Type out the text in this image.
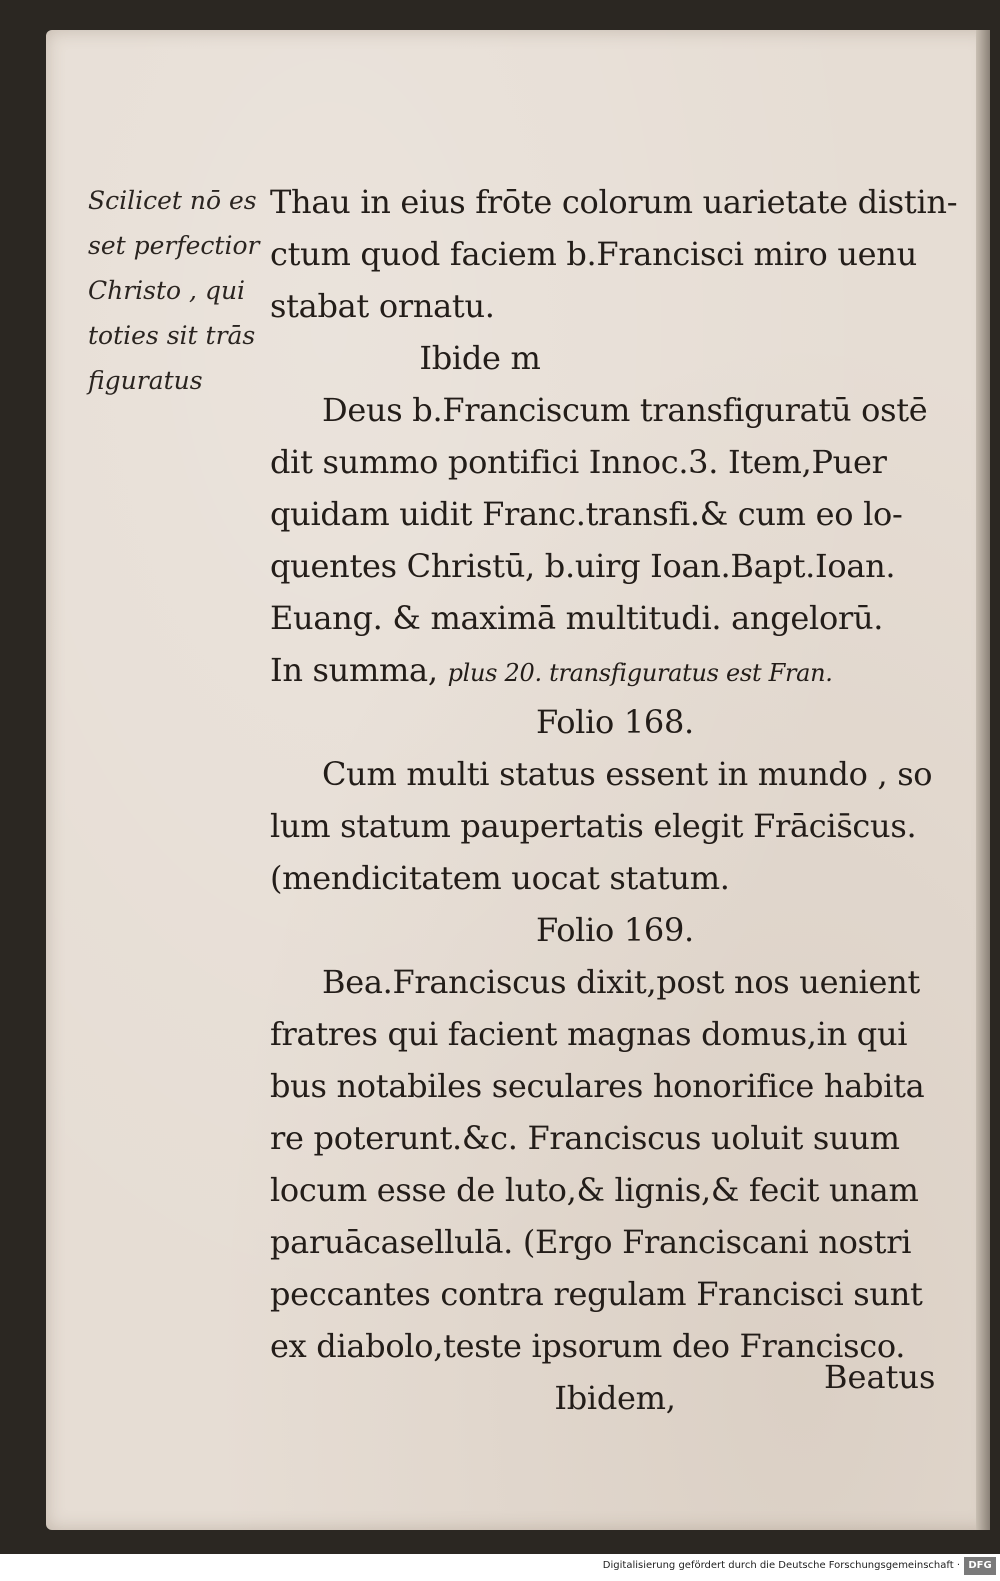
Scilicet nō es
set perfectior
Christo , qui
toties sit trās
figuratus
Thau in eius frōte colorum uarietate distin-
ctum quod faciem b.Francisci miro uenu
stabat ornatu.
Ibide m
Deus b.Franciscum transfiguratū ostē
dit summo pontifici Innoc.3. Item,Puer
quidam uidit Franc.transfi.& cum eo lo-
quentes Christū, b.uirg Ioan.Bapt.Ioan.
Euang. & maximā multitudi. angelorū.
In summa, plus 20. transfiguratus est Fran.
Folio 168.
Cum multi status essent in mundo , so
lum statum paupertatis elegit Frācis̄cus.
(mendicitatem uocat statum.
Folio 169.
Bea.Franciscus dixit,post nos uenient
fratres qui facient magnas domus,in qui
bus notabiles seculares honorifice habita
re poterunt.&c. Franciscus uoluit suum
locum esse de luto,& lignis,& fecit unam
paruācasellulā. (Ergo Franciscani nostri
peccantes contra regulam Francisci sunt
ex diabolo,teste ipsorum deo Francisco.
Ibidem,
Beatus
Digitalisierung gefördert durch die Deutsche Forschungsgemeinschaft · DFG
